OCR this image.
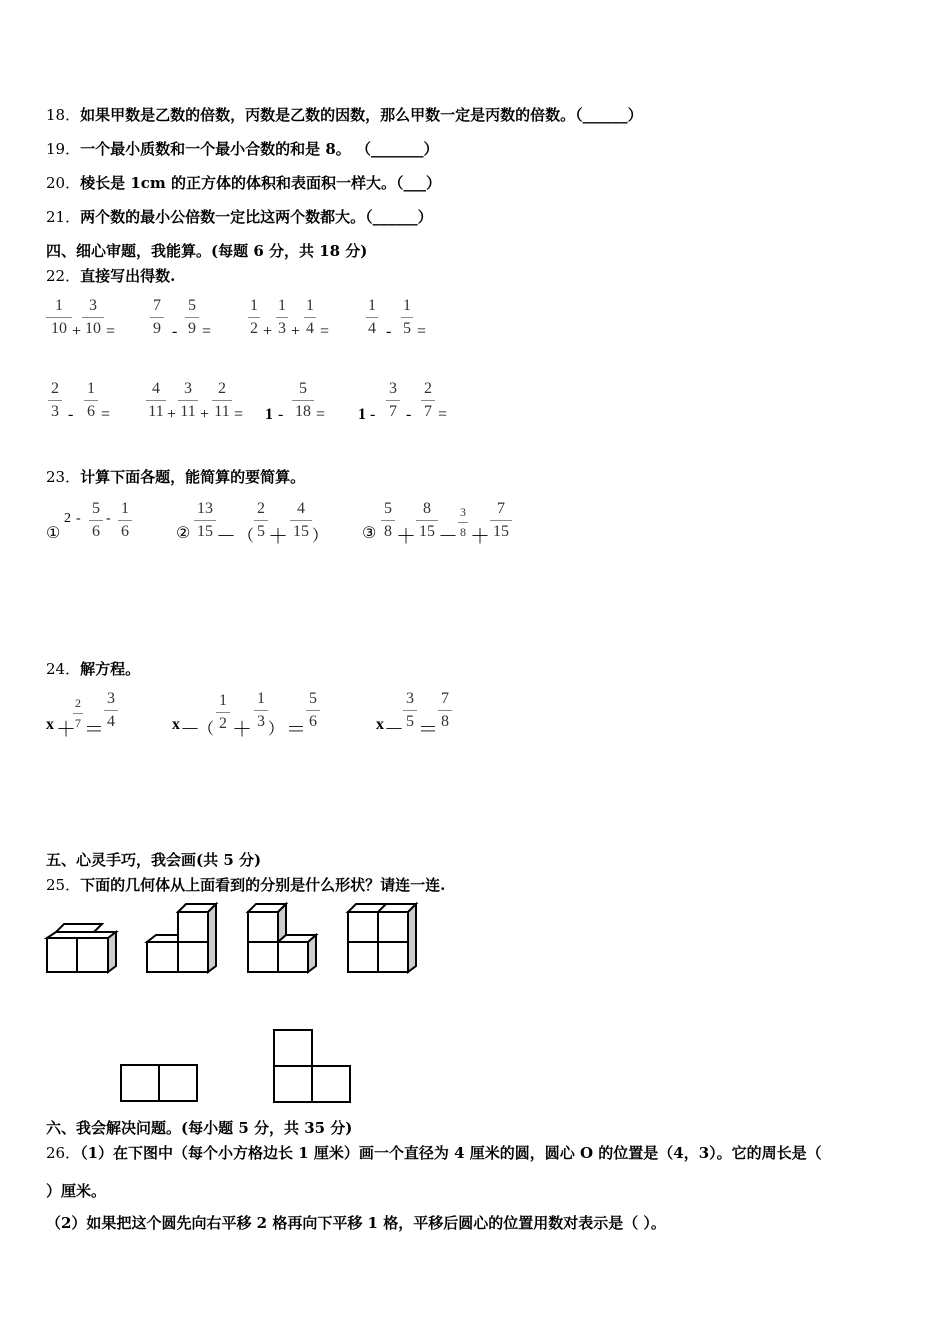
18．如果甲数是乙数的倍数，丙数是乙数的因数，那么甲数一定是丙数的倍数。（______）
19．一个最小质数和一个最小合数的和是 8。 （_______）
20．棱长是 1cm 的正方体的体积和表面积一样大。（___）
21．两个数的最小公倍数一定比这两个数都大。（______）
四、细心审题，我能算。(每题 6 分，共 18 分)
22．直接写出得数.
1
10 +
3
10 =
7
9 -
5
9 =
1
2 +
1
3 +
1
4 =
1
4 -
1
5 =
2
3 -
1
6 =
4
11 +
3
11 +
2
11 = 1 -
5
18 = 1 -
3
7 -
2
7 =
23．计算下面各题，能简算的要简算。
①
2 -
5
6
-
1
6	②
13
15 － （
2
5 ＋
4
15 ） ③
5
8 ＋
8
15 －
3
8 ＋
7
15
24．解方程。
x ＋
2
7 ＝
3
4	x －
（
1
2 ＋
1
3 ） ＝
5
6	x －
3
5 ＝
7
8
五、心灵手巧，我会画(共 5 分)
25．下面的几何体从上面看到的分别是什么形状？请连一连.
六、我会解决问题。(每小题 5 分，共 35 分)
26．（1）在下图中（每个小方格边长 1 厘米）画一个直径为 4 厘米的圆，圆心 O 的位置是（4，3）。它的周长是（
）厘米。
（2）如果把这个圆先向右平移 2 格再向下平移 1 格，平移后圆心的位置用数对表示是（ ）。
